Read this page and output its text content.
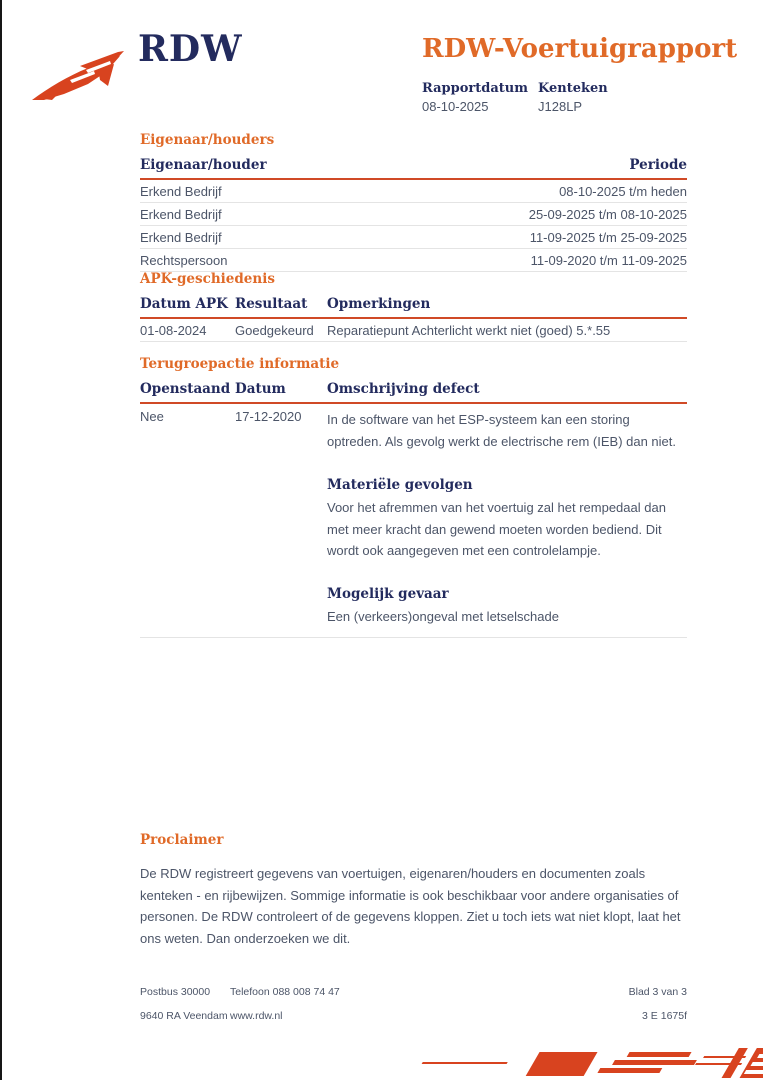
RDW	RDW-Voertuigrapport
Rapportdatum
08-10-2025
Kenteken
J128LP
Eigenaar/houders
Eigenaar/houder	Periode
Erkend Bedrijf	08-10-2025 t/m heden
Erkend Bedrijf	25-09-2025 t/m 08-10-2025
Erkend Bedrijf	11-09-2025 t/m 25-09-2025
Rechtspersoon	11-09-2020 t/m 11-09-2025
APK-geschiedenis
Datum APK Resultaat	Opmerkingen
01-08-2024	Goedgekeurd	Reparatiepunt Achterlicht werkt niet (goed) 5.*.55
Terugroepactie informatie
Openstaand Datum	Omschrijving defect
Nee	17-12-2020	In de software van het ESP-systeem kan een storing optreden. Als gevolg werkt de electrische rem (IEB) dan niet.
Materiële gevolgen
Voor het afremmen van het voertuig zal het rempedaal dan met meer kracht dan gewend moeten worden bediend. Dit wordt ook aangegeven met een controlelampje.
Mogelijk gevaar
Een (verkeers)ongeval met letselschade
Proclaimer
De RDW registreert gegevens van voertuigen, eigenaren/houders en documenten zoals kenteken - en rijbewijzen. Sommige informatie is ook beschikbaar voor andere organisaties of personen. De RDW controleert of de gegevens kloppen. Ziet u toch iets wat niet klopt, laat het ons weten. Dan onderzoeken we dit.
Postbus 30000	Telefoon 088 008 74 47	Blad 3 van 3
9640 RA Veendam www.rdw.nl	3 E 1675f
